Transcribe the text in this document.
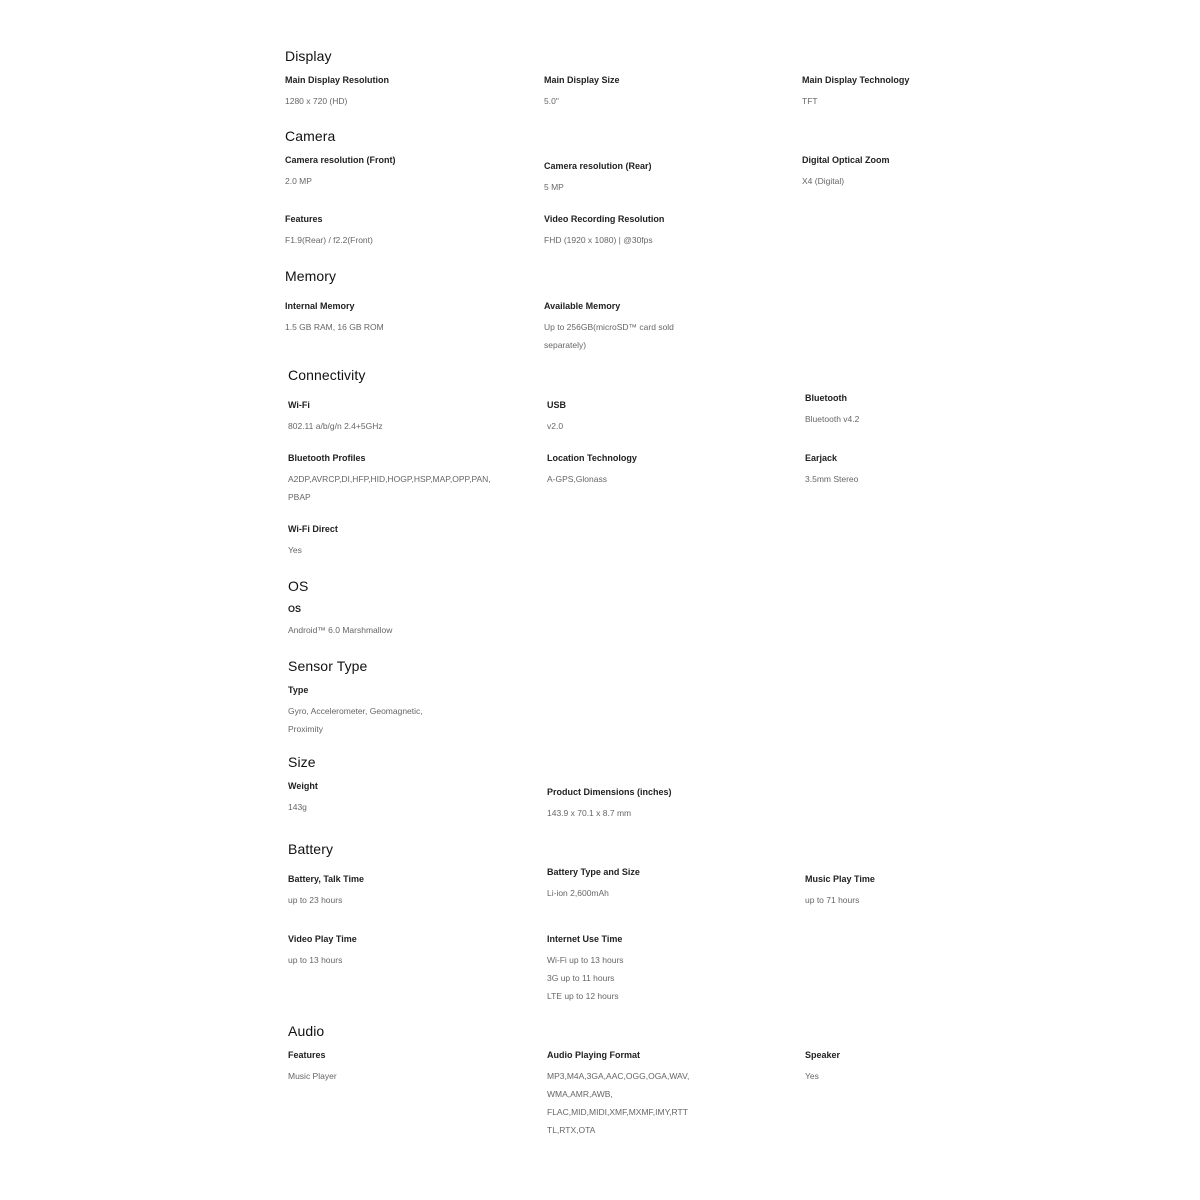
Display
Main Display Resolution
1280 x 720 (HD)
Main Display Size
5.0"
Main Display Technology
TFT
Camera
Camera resolution (Front)
2.0 MP
Camera resolution (Rear)
5 MP
Digital Optical Zoom
X4 (Digital)
Features
F1.9(Rear) / f2.2(Front)
Video Recording Resolution
FHD (1920 x 1080) | @30fps
Memory
Internal Memory
1.5 GB RAM, 16 GB ROM
Available Memory
Up to 256GB(microSD™ card sold
separately)
Connectivity
Wi-Fi
802.11 a/b/g/n 2.4+5GHz
USB
v2.0
Bluetooth
Bluetooth v4.2
Bluetooth Profiles
A2DP,AVRCP,DI,HFP,HID,HOGP,HSP,MAP,OPP,PAN,
PBAP
Location Technology
A-GPS,Glonass
Earjack
3.5mm Stereo
Wi-Fi Direct
Yes
OS
OS
Android™ 6.0 Marshmallow
Sensor Type
Type
Gyro, Accelerometer, Geomagnetic,
Proximity
Size
Weight
143g
Product Dimensions (inches)
143.9 x 70.1 x 8.7 mm
Battery
Battery, Talk Time
up to 23 hours
Battery Type and Size
Li-ion 2,600mAh
Music Play Time
up to 71 hours
Video Play Time
up to 13 hours
Internet Use Time
Wi-Fi up to 13 hours
3G up to 11 hours
LTE up to 12 hours
Audio
Features
Music Player
Audio Playing Format
MP3,M4A,3GA,AAC,OGG,OGA,WAV,
WMA,AMR,AWB,
FLAC,MID,MIDI,XMF,MXMF,IMY,RTT
TL,RTX,OTA
Speaker
Yes
